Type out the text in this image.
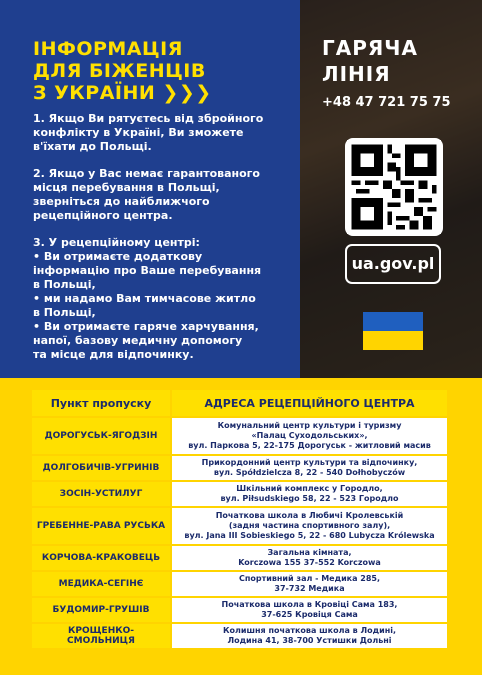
ІНФОРМАЦІЯ
ДЛЯ БІЖЕНЦІВ
З УКРАЇНИ ❯❯❯

1. Якщо Ви рятуєтесь від збройного
конфлікту в Україні, Ви зможете
в'їхати до Польщі.

2. Якщо у Вас немає гарантованого
місця перебування в Польщі,
зверніться до найближчого
рецепційного центра.

3. У рецепційному центрі:
• Ви отримаєте додаткову
інформацію про Ваше перебування
в Польщі,
• ми надамо Вам тимчасове житло
в Польщі,
• Ви отримаєте гаряче харчування,
напої, базову медичну допомогу
та місце для відпочинку.

ГАРЯЧА
ЛІНІЯ
+48 47 721 75 75
ua.gov.pl
Пункт пропуску	АДРЕСА РЕЦЕПЦІЙНОГО ЦЕНТРА
ДОРОГУСЬК-ЯГОДЗІН	Комунальний центр культури і туризму
«Палац Суходольських»,
вул. Паркова 5, 22-175 Дорогуськ - житловий масив

ДОЛГОБИЧІВ-УГРИНІВ	Прикордонний центр культури та відпочинку,
вул. Spółdzielcza 8, 22 - 540 Dołhobyczów

ЗОСІН-УСТИЛУГ	Шкільний комплекс у Городло,
вул. Piłsudskiego 58, 22 - 523 Городло

ГРЕБЕННЕ-РАВА РУСЬКА	Початкова школа в Любичі Кролевській
(задня частина спортивного залу),
вул. Jana III Sobieskiego 5, 22 - 680 Lubycza Królewska

КОРЧОВА-КРАКОВЕЦЬ	Загальна кімната,
Korczowa 155 37-552 Korczowa

МЕДИКА-СЕГІНЄ	Спортивний зал - Медика 285,
37-732 Медика

БУДОМИР-ГРУШІВ	Початкова школа в Кровіці Сама 183,
37-625 Кровіця Сама

КРОЩЕНКО-СМОЛЬНИЦЯ	Колишня початкова школа в Лодині,
Лодина 41, 38-700 Устишки Дольні
